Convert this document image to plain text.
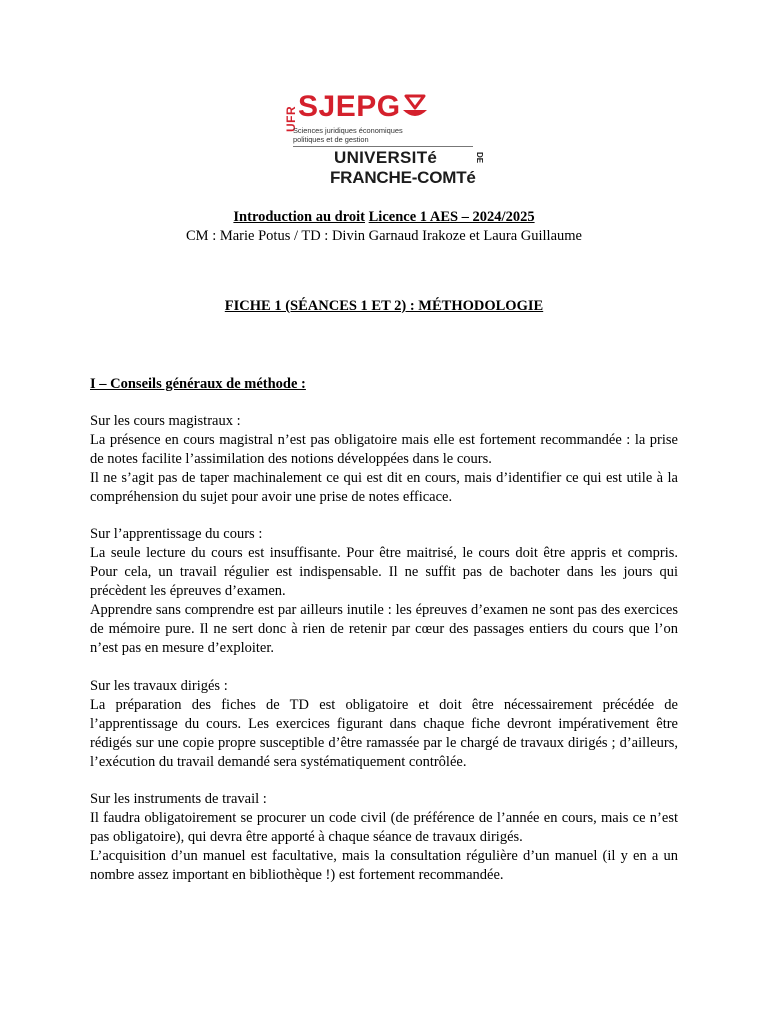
UFR SJEPG
Sciences juridiques économiques
politiques et de gestion
UNIVERSITé
FRANCHE-COMTé
DE
Introduction au droit Licence 1 AES – 2024/2025
CM : Marie Potus / TD : Divin Garnaud Irakoze et Laura Guillaume
FICHE 1 (SÉANCES 1 ET 2) : MÉTHODOLOGIE
I – Conseils généraux de méthode :

Sur les cours magistraux :

La présence en cours magistral n’est pas obligatoire mais elle est fortement recommandée : la prise de notes facilite l’assimilation des notions développées dans le cours.

Il ne s’agit pas de taper machinalement ce qui est dit en cours, mais d’identifier ce qui est utile à la compréhension du sujet pour avoir une prise de notes efficace.

Sur l’apprentissage du cours :

La seule lecture du cours est insuffisante. Pour être maitrisé, le cours doit être appris et compris. Pour cela, un travail régulier est indispensable. Il ne suffit pas de bachoter dans les jours qui précèdent les épreuves d’examen.

Apprendre sans comprendre est par ailleurs inutile : les épreuves d’examen ne sont pas des exercices de mémoire pure. Il ne sert donc à rien de retenir par cœur des passages entiers du cours que l’on n’est pas en mesure d’exploiter.

Sur les travaux dirigés :

La préparation des fiches de TD est obligatoire et doit être nécessairement précédée de l’apprentissage du cours. Les exercices figurant dans chaque fiche devront impérativement être rédigés sur une copie propre susceptible d’être ramassée par le chargé de travaux dirigés ; d’ailleurs, l’exécution du travail demandé sera systématiquement contrôlée.

Sur les instruments de travail :

Il faudra obligatoirement se procurer un code civil (de préférence de l’année en cours, mais ce n’est pas obligatoire), qui devra être apporté à chaque séance de travaux dirigés.

L’acquisition d’un manuel est facultative, mais la consultation régulière d’un manuel (il y en a un nombre assez important en bibliothèque !) est fortement recommandée.
